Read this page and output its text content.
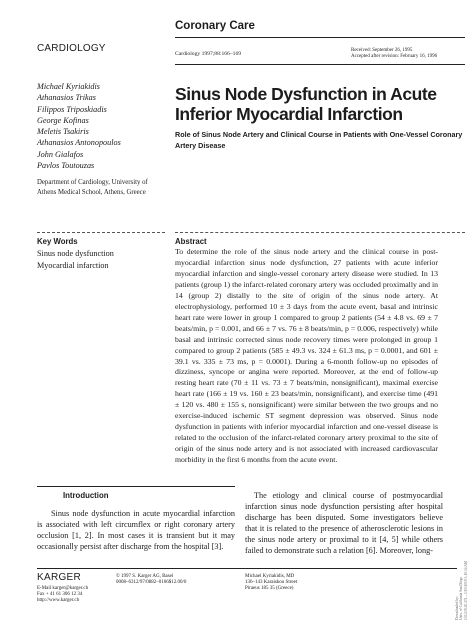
Coronary Care
CARDIOLOGY	Cardiology 1997;88:166–169
Received: September 26, 1995
Accepted after revision: February 16, 1996
Michael Kyriakidis
Athanasios Trikas
Filippos Triposkiadis
George Kofinas
Meletis Tsakiris
Athanasios Antonopoulos
John Gialafos
Pavlos Toutouzas
Department of Cardiology, University of Athens Medical School, Athens, Greece
Sinus Node Dysfunction in Acute Inferior Myocardial Infarction
Role of Sinus Node Artery and Clinical Course in Patients with One-Vessel Coronary Artery Disease
Key Words
Sinus node dysfunction
Myocardial infarction
Abstract

To determine the role of the sinus node artery and the clinical course in post-myocardial infarction sinus node dysfunction, 27 patients with acute inferior myocardial infarction and single-vessel coronary artery disease were studied. In 13 patients (group 1) the infarct-related coronary artery was occluded proximally and in 14 (group 2) distally to the site of origin of the sinus node artery. At electrophysiology, performed 10 ± 3 days from the acute event, basal and intrinsic heart rate were lower in group 1 compared to group 2 patients (54 ± 4.8 vs. 69 ± 7 beats/min, p = 0.001, and 66 ± 7 vs. 76 ± 8 beats/min, p = 0.006, respectively) while basal and intrinsic corrected sinus node recovery times were prolonged in group 1 compared to group 2 patients (585 ± 49.3 vs. 324 ± 61.3 ms, p = 0.0001, and 601 ± 39.1 vs. 335 ± 73 ms, p = 0.0001). During a 6-month follow-up no episodes of dizziness, syncope or angina were reported. Moreover, at the end of follow-up resting heart rate (70 ± 11 vs. 73 ± 7 beats/min, nonsignificant), maximal exercise heart rate (166 ± 19 vs. 160 ± 23 beats/min, nonsignificant), and exercise time (491 ± 120 vs. 480 ± 155 s, nonsignificant) were similar between the two groups and no exercise-induced ischemic ST segment depression was observed. Sinus node dysfunction in patients with inferior myocardial infarction and one-vessel disease is related to the occlusion of the infarct-related coronary artery proximal to the site of origin of the sinus node artery and is not associated with increased cardiovascular morbidity in the first 6 months from the acute event.

Introduction

Sinus node dysfunction in acute myocardial infarction is associated with left circumflex or right coronary artery occlusion [1, 2]. In most cases it is transient but it may occasionally persist after discharge from the hospital [3].

The etiology and clinical course of postmyocardial infarction sinus node dysfunction persisting after hospital discharge has been disputed. Some investigators believe that it is related to the presence of atherosclerotic lesions in the sinus node artery or proximal to it [4, 5] while others failed to demonstrate such a relation [6]. Moreover, long-

KARGER
E-Mail karger@karger.ch
Fax + 41 61 306 12 34
http://www.karger.ch
© 1997 S. Karger AG, Basel
0008–6312/97/0882–0166$12.00/0
Michael Kyriakidis, MD
136–143 Karaiskou Street
Piraeus 185 35 (Greece)
Downloaded by: Univ. of California San Diego 130.239.20.174 – 1/19/2019 3:10:34 AM
